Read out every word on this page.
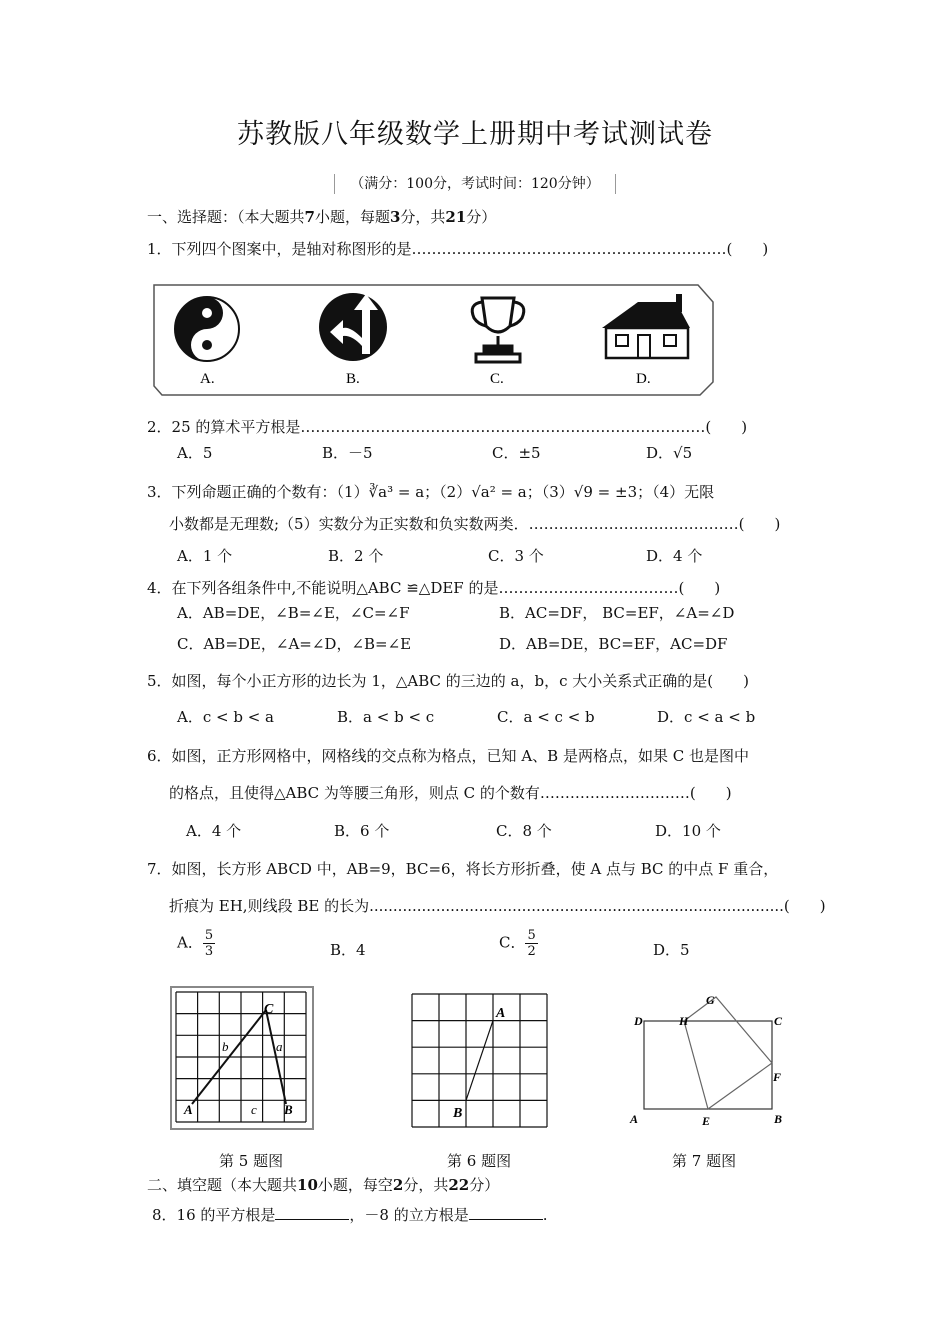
苏教版八年级数学上册期中考试测试卷
（满分：100分，考试时间：120分钟）
一、选择题：（本大题共7小题，每题3分，共21分）
1．下列四个图案中，是轴对称图形的是………………………………………………………(　　)
A.	B.	C.	D.
2．25 的算术平方根是………………………………………………………………………(　　)
A．5	B．－5	C．±5	D．√5
3．下列命题正确的个数有：（1）∛a³ = a；（2）√a² = a；（3）√9 = ±3；（4）无限
小数都是无理数;（5）实数分为正实数和负实数两类．……………………………………(　　)
A．1 个	B．2 个	C．3 个	D．4 个
4．在下列各组条件中,不能说明△ABC ≌△DEF 的是………………………………(　　)
A．AB=DE，∠B=∠E，∠C=∠F	B．AC=DF， BC=EF，∠A=∠D
C．AB=DE，∠A=∠D，∠B=∠E	D．AB=DE，BC=EF，AC=DF
5．如图，每个小正方形的边长为 1，△ABC 的三边的 a，b，c 大小关系式正确的是(　　)
A．c < b < a	B．a < b < c	C．a < c < b	D．c < a < b
6．如图，正方形网格中，网格线的交点称为格点，已知 A、B 是两格点，如果 C 也是图中
的格点，且使得△ABC 为等腰三角形，则点 C 的个数有…………………………(　　)
A．4 个	B．6 个	C．8 个	D．10 个
7．如图，长方形 ABCD 中，AB=9，BC=6，将长方形折叠，使 A 点与 BC 的中点 F 重合，
折痕为 EH,则线段 BE 的长为.......................................................................................(　　)
A． $\frac{5}{3}$	B．4	C． $\frac{5}{2}$	D．5
C
b	a
A	c B
A
B
G
D	H	C
F
A	E	B
第 5 题图	第 6 题图	第 7 题图
二、填空题（本大题共10小题，每空2分，共22分）
8．16 的平方根是	，－8 的立方根是	.
